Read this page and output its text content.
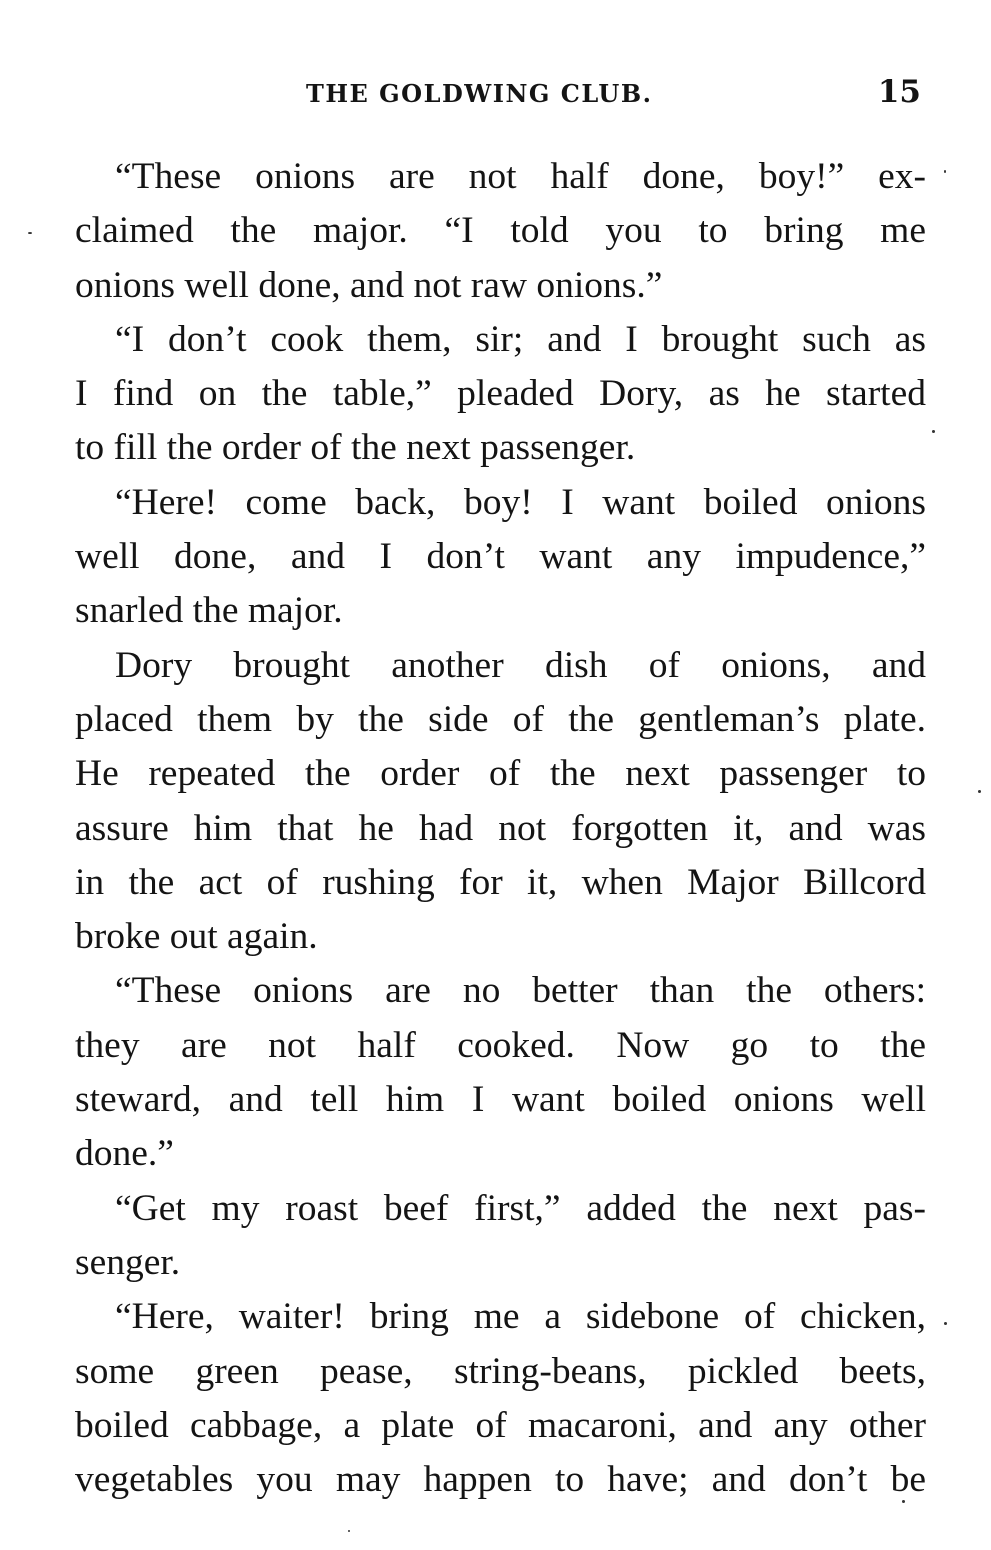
THE GOLDWING CLUB.	15

“These onions are not half done, boy!” ex-
claimed the major. “I told you to bring me
onions well done, and not raw onions.”

“I don’t cook them, sir; and I brought such as
I find on the table,” pleaded Dory, as he started
to fill the order of the next passenger.

“Here! come back, boy! I want boiled onions
well done, and I don’t want any impudence,”
snarled the major.

Dory brought another dish of onions, and
placed them by the side of the gentleman’s plate.
He repeated the order of the next passenger to
assure him that he had not forgotten it, and was
in the act of rushing for it, when Major Billcord
broke out again.

“These onions are no better than the others:
they are not half cooked. Now go to the
steward, and tell him I want boiled onions well
done.”

“Get my roast beef first,” added the next pas-
senger.

“Here, waiter! bring me a sidebone of chicken,
some green pease, string-beans, pickled beets,
boiled cabbage, a plate of macaroni, and any other
vegetables you may happen to have; and don’t be
